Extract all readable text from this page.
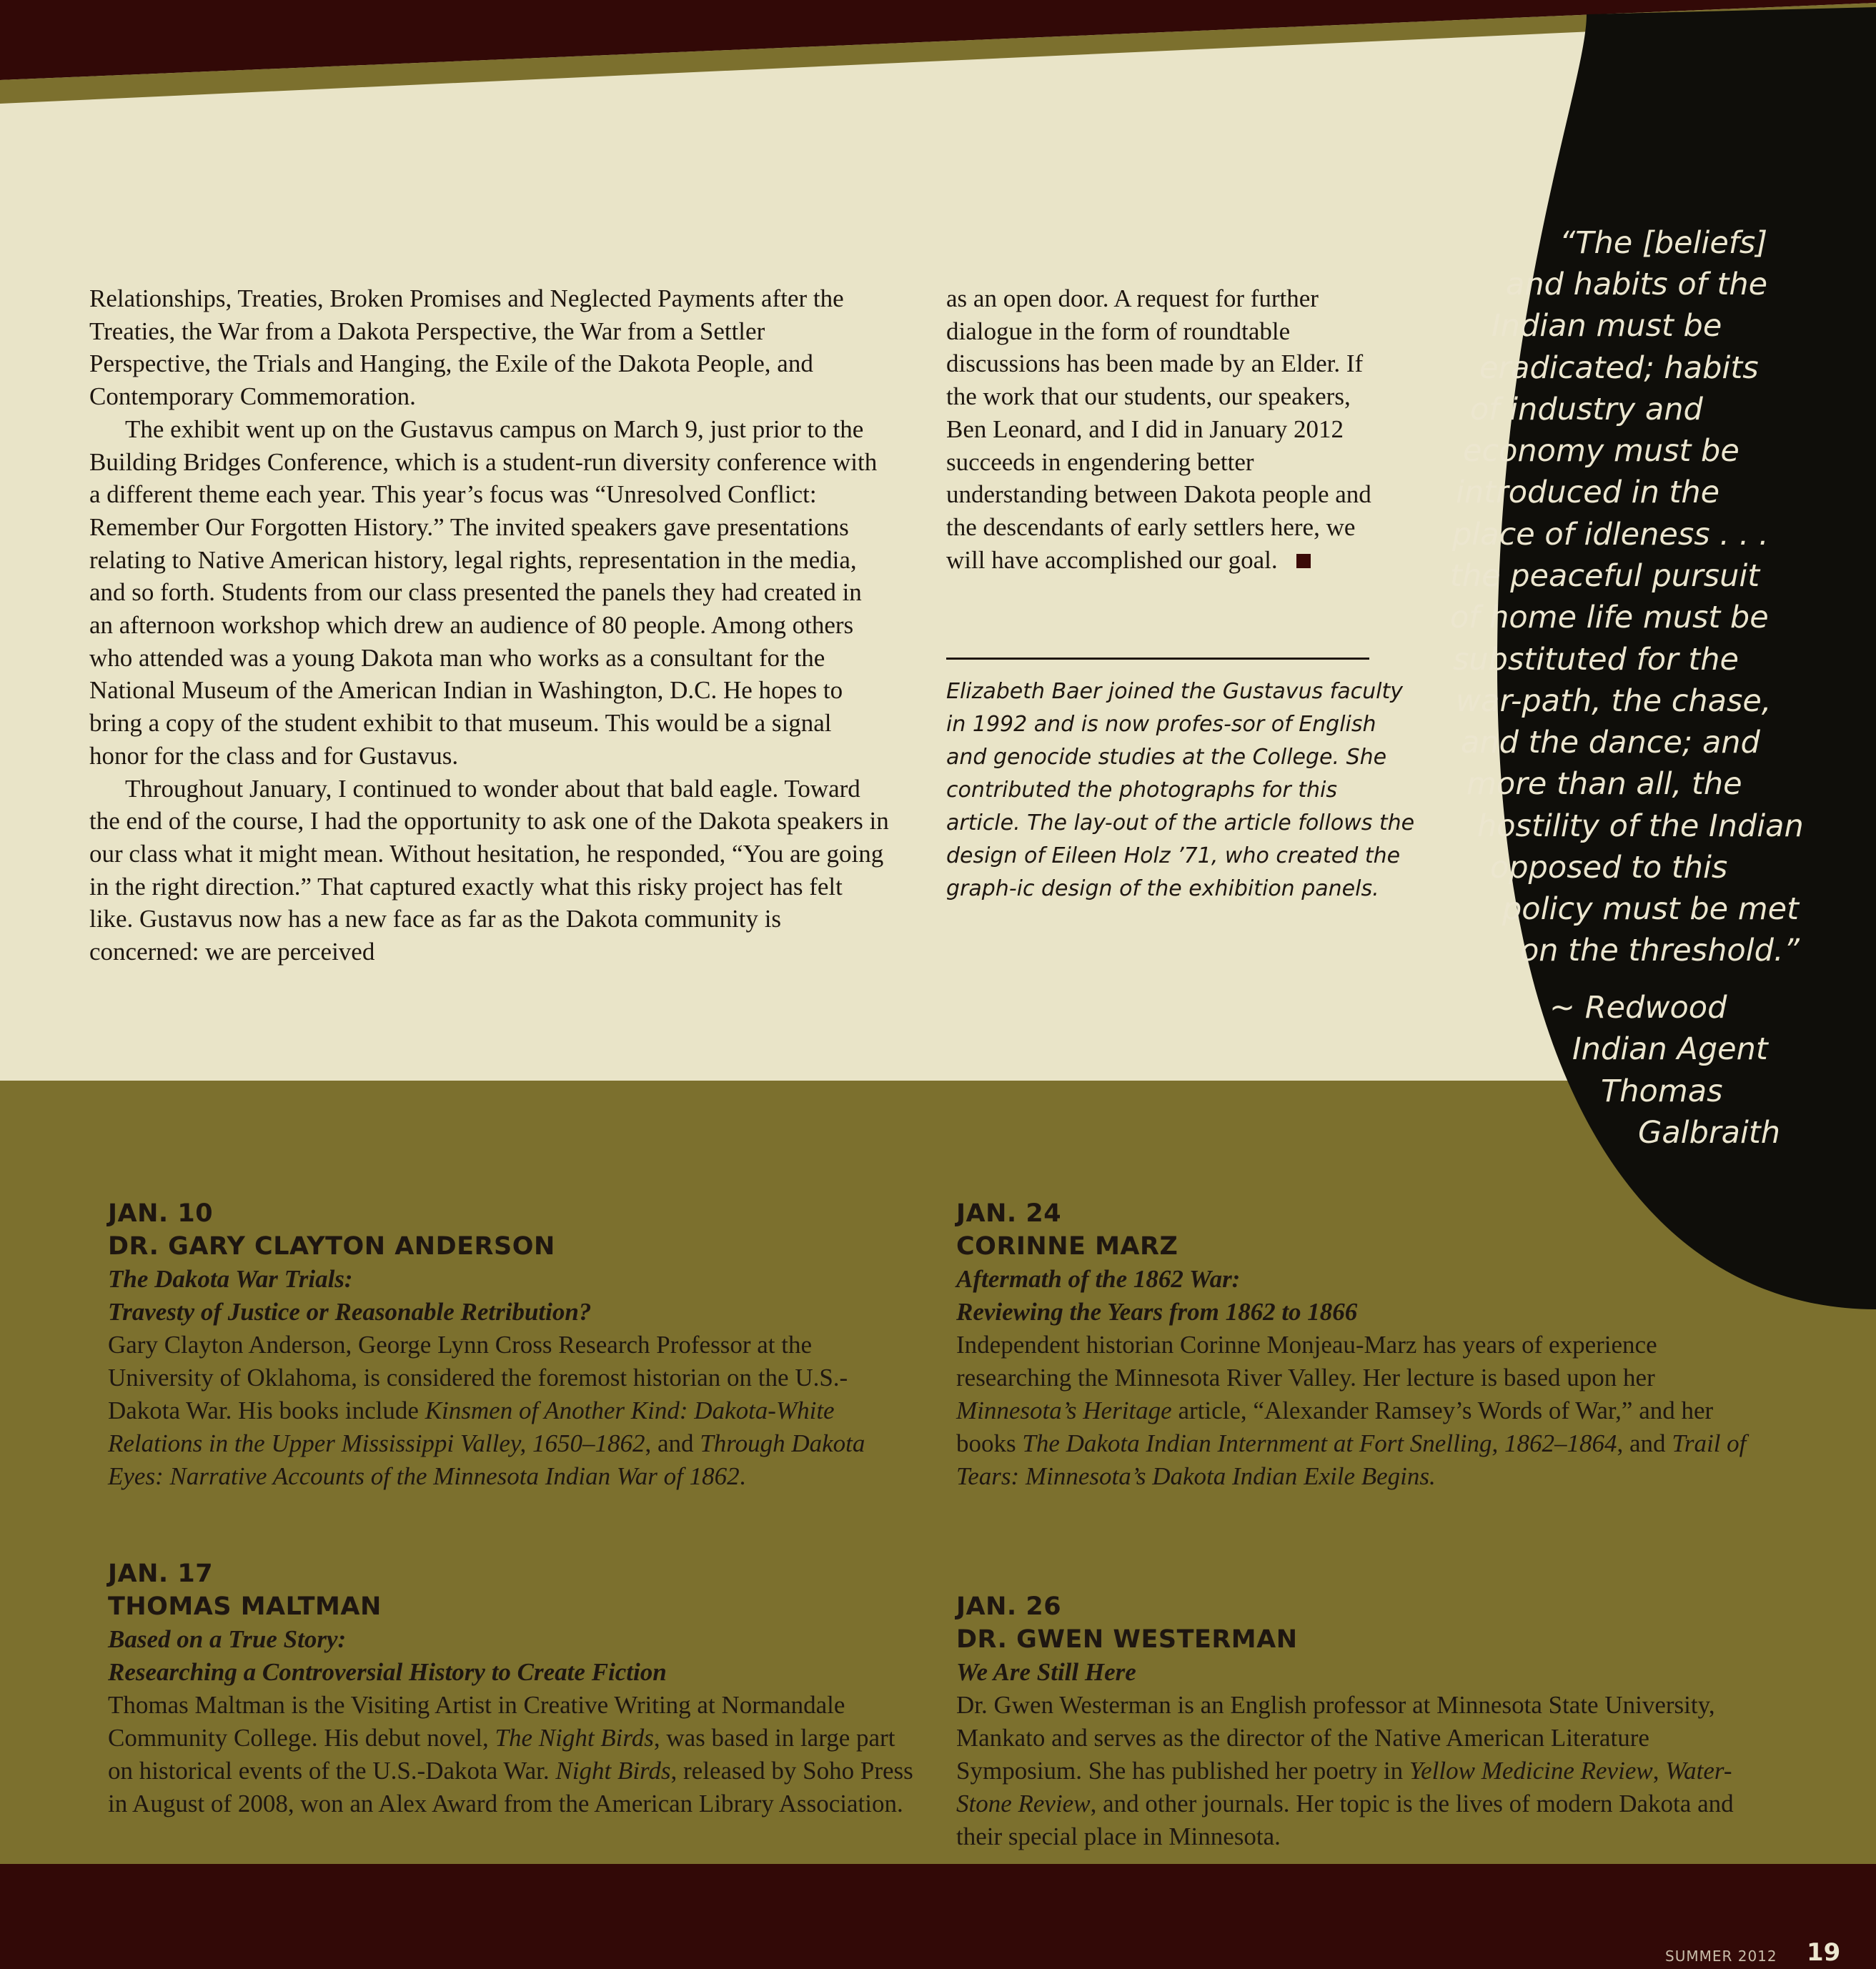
Relationships, Treaties, Broken Promises and Neglected Payments after the Treaties, the War from a Dakota Perspective, the War from a Settler Perspective, the Trials and Hanging, the Exile of the Dakota People, and Contemporary Commemoration.

The exhibit went up on the Gustavus campus on March 9, just prior to the Building Bridges Conference, which is a student-run diversity conference with a different theme each year. This year’s focus was “Unresolved Conflict: Remember Our Forgotten History.” The invited speakers gave presentations relating to Native American history, legal rights, representation in the media, and so forth. Students from our class presented the panels they had created in an afternoon workshop which drew an audience of 80 people. Among others who attended was a young Dakota man who works as a consultant for the National Museum of the American Indian in Washington, D.C. He hopes to bring a copy of the student exhibit to that museum. This would be a signal honor for the class and for Gustavus.

Throughout January, I continued to wonder about that bald eagle. Toward the end of the course, I had the opportunity to ask one of the Dakota speakers in our class what it might mean. Without hesitation, he responded, “You are going in the right direction.” That captured exactly what this risky project has felt like. Gustavus now has a new face as far as the Dakota community is concerned: we are perceived

as an open door. A request for further dialogue in the form of roundtable discussions has been made by an Elder. If the work that our students, our speakers, Ben Leonard, and I did in January 2012 succeeds in engendering better understanding between Dakota people and the descendants of early settlers here, we will have accomplished our goal.

Elizabeth Baer joined the Gustavus faculty in 1992 and is now profes-sor of English and genocide studies at the College. She contributed the photographs for this article. The lay-out of the article follows the design of Eileen Holz ’71, who created the graph-ic design of the exhibition panels.
“The [beliefs]
and habits of the
Indian must be
eradicated; habits
of industry and
economy must be
introduced in the
place of idleness . . .
the peaceful pursuit
of home life must be
substituted for the
war-path, the chase,
and the dance; and
more than all, the
hostility of the Indian
opposed to this
policy must be met
on the threshold.”
~ Redwood
Indian Agent
Thomas
Galbraith
JAN. 10
DR. GARY CLAYTON ANDERSON
The Dakota War Trials:
Travesty of Justice or Reasonable Retribution?
Gary Clayton Anderson, George Lynn Cross Research Professor at the University of Oklahoma, is considered the foremost historian on the U.S.-Dakota War. His books include Kinsmen of Another Kind: Dakota-White Relations in the Upper Mississippi Valley, 1650–1862, and Through Dakota Eyes: Narrative Accounts of the Minnesota Indian War of 1862.
JAN. 17
THOMAS MALTMAN
Based on a True Story:
Researching a Controversial History to Create Fiction
Thomas Maltman is the Visiting Artist in Creative Writing at Normandale Community College. His debut novel, The Night Birds, was based in large part on historical events of the U.S.-Dakota War. Night Birds, released by Soho Press in August of 2008, won an Alex Award from the American Library Association.
JAN. 24
CORINNE MARZ
Aftermath of the 1862 War:
Reviewing the Years from 1862 to 1866
Independent historian Corinne Monjeau-Marz has years of experience researching the Minnesota River Valley. Her lecture is based upon her Minnesota’s Heritage article, “Alexander Ramsey’s Words of War,” and her books The Dakota Indian Internment at Fort Snelling, 1862–1864, and Trail of Tears: Minnesota’s Dakota Indian Exile Begins.
JAN. 26
DR. GWEN WESTERMAN
We Are Still Here
Dr. Gwen Westerman is an English professor at Minnesota State University, Mankato and serves as the director of the Native American Literature Symposium. She has published her poetry in Yellow Medicine Review, Water-Stone Review, and other journals. Her topic is the lives of modern Dakota and their special place in Minnesota.
SUMMER 2012 19
